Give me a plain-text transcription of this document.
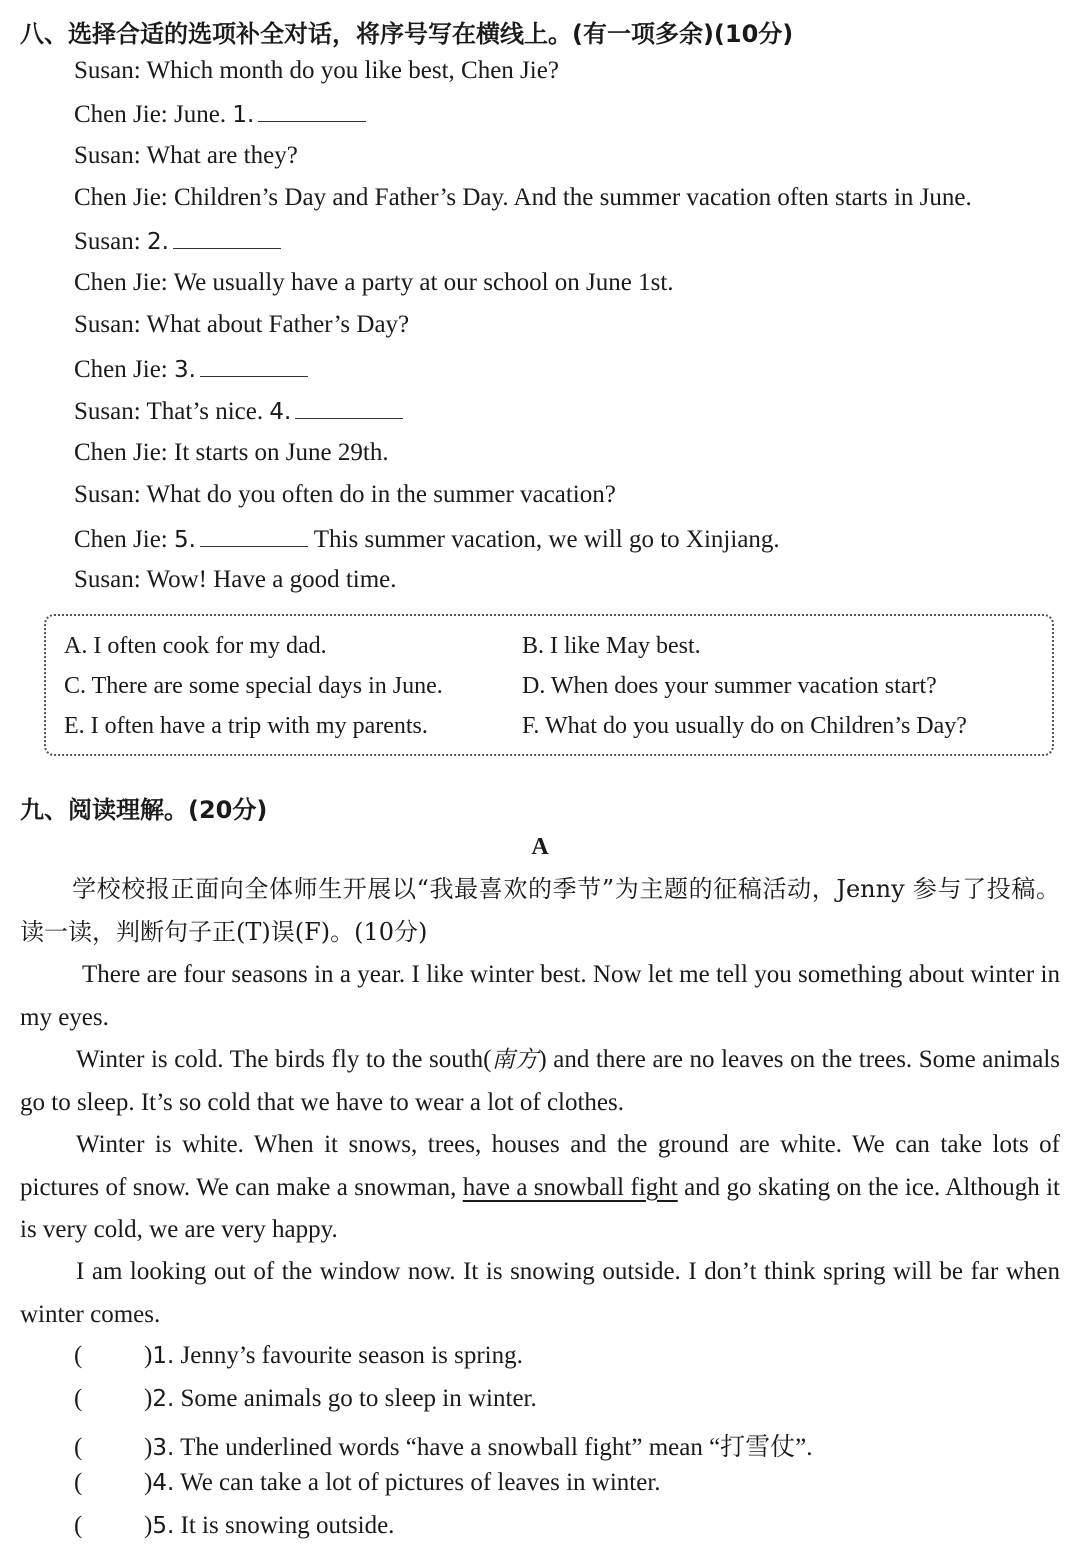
八、选择合适的选项补全对话，将序号写在横线上。(有一项多余)(10分)
Susan: Which month do you like best, Chen Jie?
Chen Jie: June. 1.
Susan: What are they?
Chen Jie: Children’s Day and Father’s Day. And the summer vacation often starts in June.
Susan: 2.
Chen Jie: We usually have a party at our school on June 1st.
Susan: What about Father’s Day?
Chen Jie: 3.
Susan: That’s nice. 4.
Chen Jie: It starts on June 29th.
Susan: What do you often do in the summer vacation?
Chen Jie: 5.	This summer vacation, we will go to Xinjiang.
Susan: Wow! Have a good time.
A. I often cook for my dad.	B. I like May best.
C. There are some special days in June.	D. When does your summer vacation start?
E. I often have a trip with my parents.	F. What do you usually do on Children’s Day?
九、阅读理解。(20分)
A
学校校报正面向全体师生开展以“我最喜欢的季节”为主题的征稿活动，Jenny 参与了投稿。读一读，判断句子正(T)误(F)。(10分)
There are four seasons in a year. I like winter best. Now let me tell you something about winter in my eyes.
Winter is cold. The birds fly to the south(南方) and there are no leaves on the trees. Some animals go to sleep. It’s so cold that we have to wear a lot of clothes.
Winter is white. When it snows, trees, houses and the ground are white. We can take lots of pictures of snow. We can make a snowman, have a snowball fight and go skating on the ice. Although it is very cold, we are very happy.
I am looking out of the window now. It is snowing outside. I don’t think spring will be far when winter comes.
( )1. Jenny’s favourite season is spring.
( )2. Some animals go to sleep in winter.
( )3. The underlined words “have a snowball fight” mean “打雪仗”.
( )4. We can take a lot of pictures of leaves in winter.
( )5. It is snowing outside.
